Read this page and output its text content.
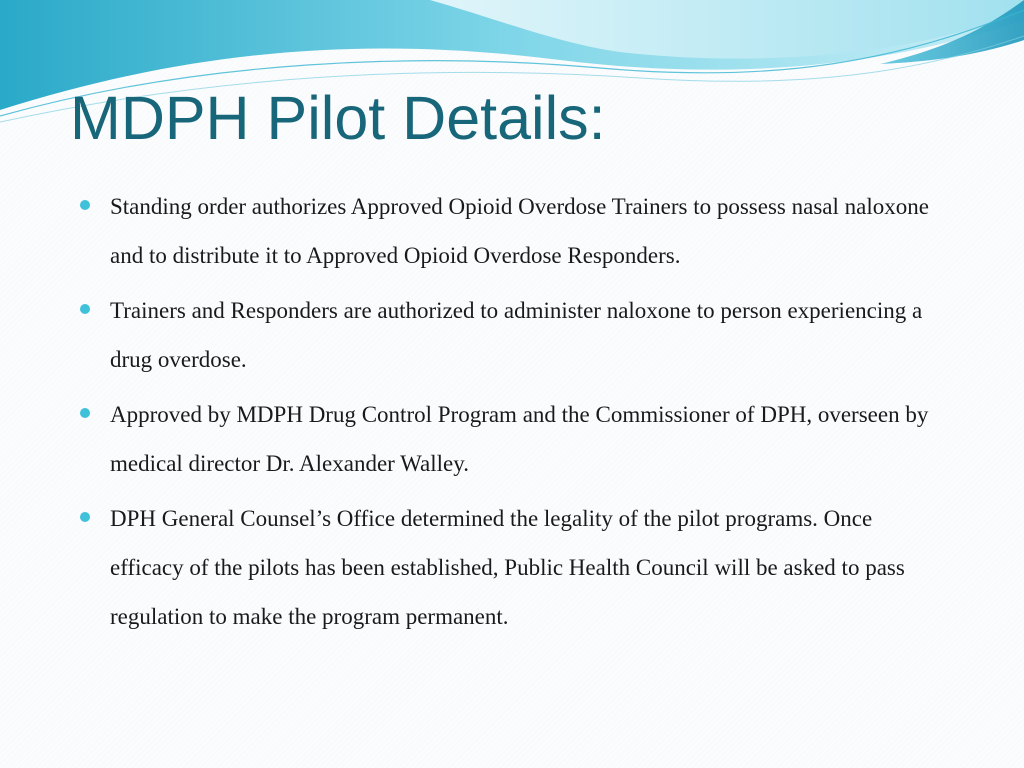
MDPH Pilot Details:
Standing order authorizes Approved Opioid Overdose Trainers to possess nasal naloxone and to distribute it to Approved Opioid Overdose Responders.
Trainers and Responders are authorized to administer naloxone to person experiencing a drug overdose.
Approved by MDPH Drug Control Program and the Commissioner of DPH, overseen by medical director Dr. Alexander Walley.
DPH General Counsel’s Office determined the legality of the pilot programs. Once efficacy of the pilots has been established, Public Health Council will be asked to pass regulation to make the program permanent.
